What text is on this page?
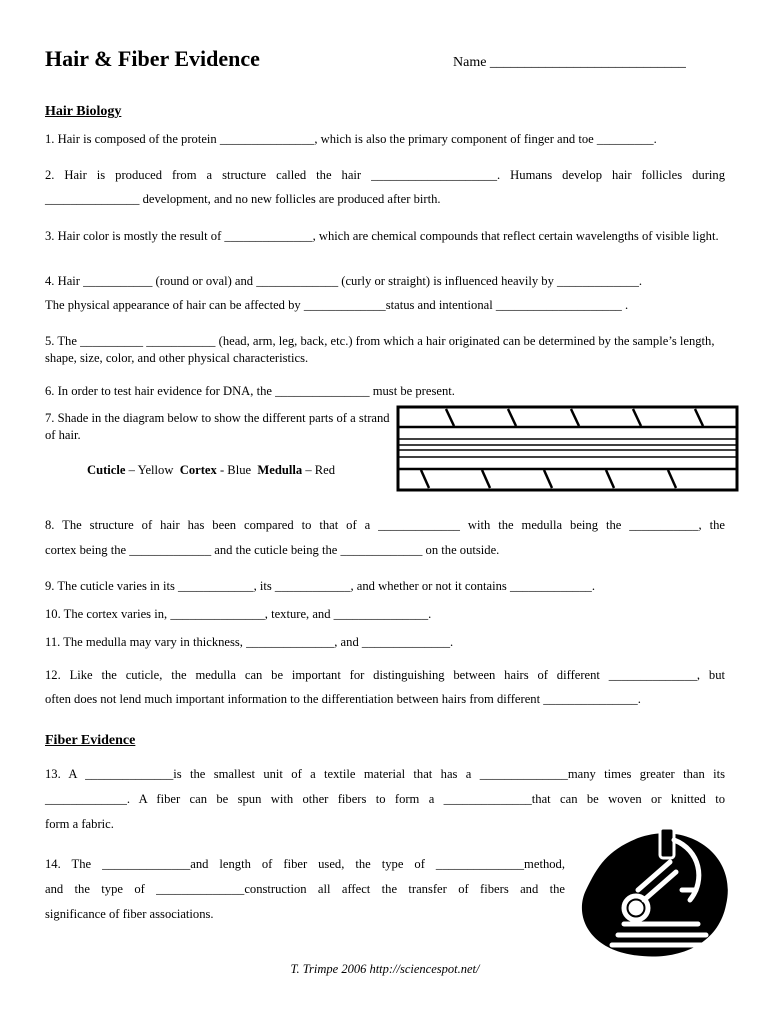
Hair & Fiber Evidence	Name ____________________________
Hair Biology
1. Hair is composed of the protein _______________, which is also the primary component of finger and toe _________.
2. Hair is produced from a structure called the hair ____________________. Humans develop hair follicles during
_______________ development, and no new follicles are produced after birth.
3. Hair color is mostly the result of ______________, which are chemical compounds that reflect certain wavelengths of visible light.
4. Hair ___________ (round or oval) and _____________ (curly or straight) is influenced heavily by _____________.
The physical appearance of hair can be affected by _____________status and intentional ____________________ .
5. The __________ ___________ (head, arm, leg, back, etc.) from which a hair originated can be determined by the sample’s length, shape, size, color, and other physical characteristics.
6. In order to test hair evidence for DNA, the _______________ must be present.
7. Shade in the diagram below to show the different parts of a strand of hair.
Cuticle – Yellow Cortex - Blue Medulla – Red
8. The structure of hair has been compared to that of a _____________ with the medulla being the ___________, the
cortex being the _____________ and the cuticle being the _____________ on the outside.
9. The cuticle varies in its ____________, its ____________, and whether or not it contains _____________.
10. The cortex varies in, _______________, texture, and _______________.
11. The medulla may vary in thickness, ______________, and ______________.
12. Like the cuticle, the medulla can be important for distinguishing between hairs of different ______________, but
often does not lend much important information to the differentiation between hairs from different _______________.
Fiber Evidence
13. A ______________is the smallest unit of a textile material that has a ______________many times greater than its
_____________. A fiber can be spun with other fibers to form a ______________that can be woven or knitted to
form a fabric.
14. The ______________and length of fiber used, the type of ______________method,
and the type of ______________construction all affect the transfer of fibers and the
significance of fiber associations.
T. Trimpe 2006 http://sciencespot.net/
